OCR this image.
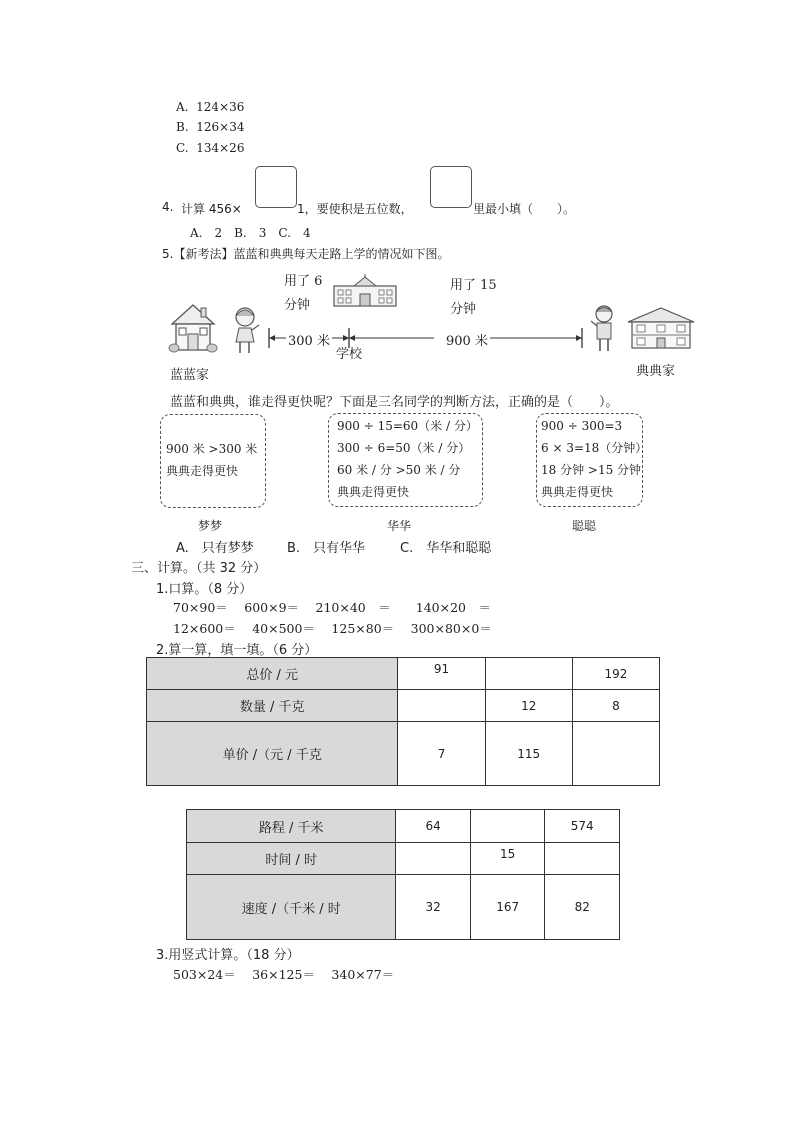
A. 124×36
B. 126×34
C. 134×26
4. 计算 456×	1，要使积是五位数，	里最小填（　　）。
A.　2　B.　3　C.　4
5.【新考法】蓝蓝和典典每天走路上学的情况如下图。
用了 6
分钟
用了 15
分钟
300 米	900 米
学校
蓝蓝家	典典家
蓝蓝和典典，谁走得更快呢？下面是三名同学的判断方法，正确的是（　　）。
900 米 >300 米
典典走得更快
900 ÷ 15=60（米 / 分）
300 ÷ 6=50（米 / 分）
60 米 / 分 >50 米 / 分
典典走得更快
900 ÷ 300=3
6 × 3=18（分钟）
18 分钟 >15 分钟
典典走得更快
梦梦	华华	聪聪
A.　只有梦梦	B.　只有华华	C.　华华和聪聪
三、计算。（共 32 分）
1.口算。（8 分）
70×90＝　 600×9＝　 210×40　＝　　140×20　＝
12×600＝　 40×500＝　 125×80＝　 300×80×0＝
2.算一算，填一填。（6 分）
总价 / 元	91		192
数量 / 千克		12	8
单价 /（元 / 千克	7	115	
路程 / 千米	64		574
时间 / 时		15	
速度 /（千米 / 时	32	167	82
3.用竖式计算。（18 分）
503×24＝　 36×125＝　 340×77＝
